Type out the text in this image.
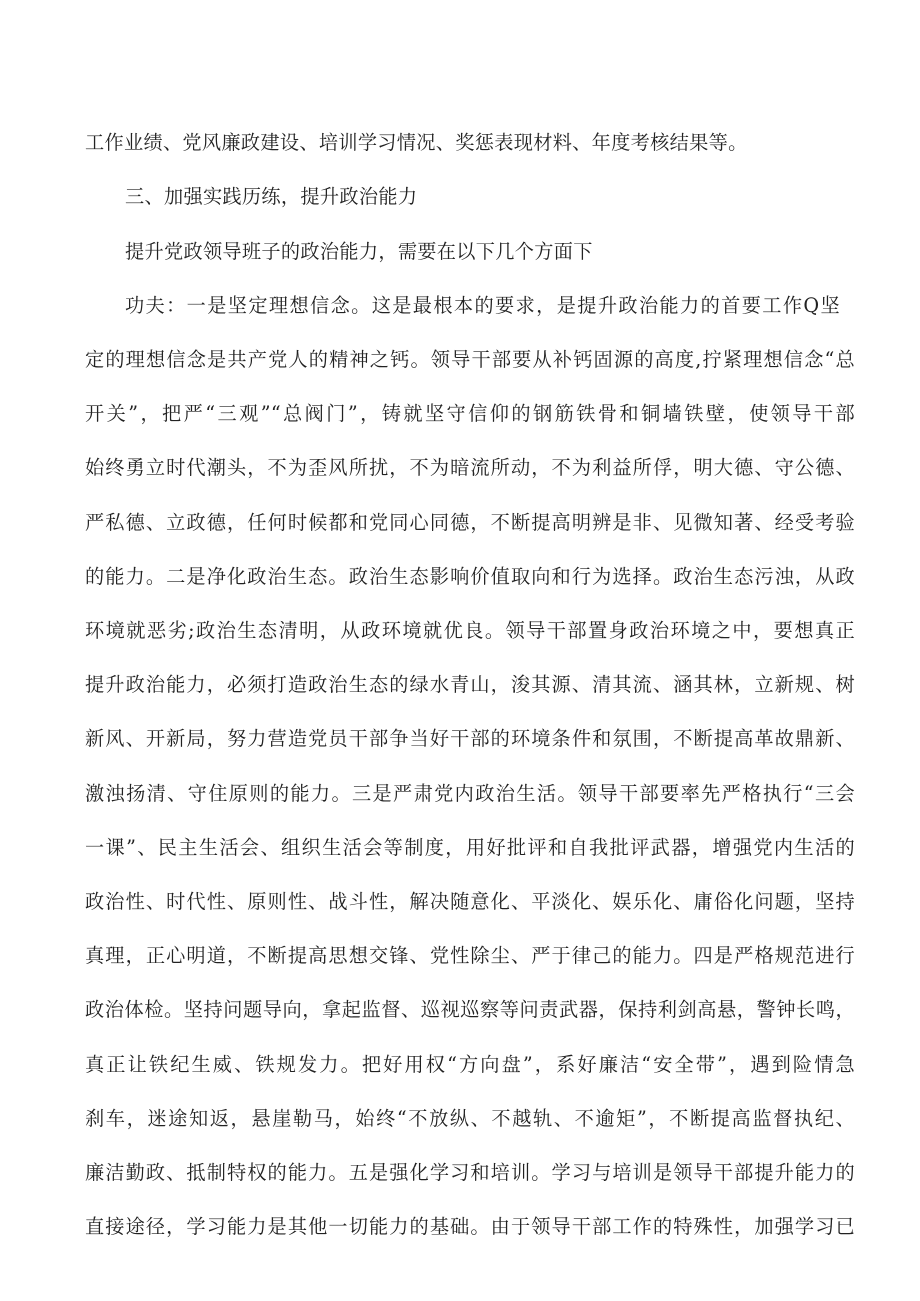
工作业绩、党风廉政建设、培训学习情况、奖惩表现材料、年度考核结果等。
三、加强实践历练，提升政治能力
提升党政领导班子的政治能力，需要在以下几个方面下
功夫：一是坚定理想信念。这是最根本的要求，是提升政治能力的首要工作Q坚
定的理想信念是共产党人的精神之钙。领导干部要从补钙固源的高度,拧紧理想信念“总
开关”，把严“三观”“总阀门”，铸就坚守信仰的钢筋铁骨和铜墙铁壁，使领导干部
始终勇立时代潮头，不为歪风所扰，不为暗流所动，不为利益所俘，明大德、守公德、
严私德、立政德，任何时候都和党同心同德，不断提高明辨是非、见微知著、经受考验
的能力。二是净化政治生态。政治生态影响价值取向和行为选择。政治生态污浊，从政
环境就恶劣;政治生态清明，从政环境就优良。领导干部置身政治环境之中，要想真正
提升政治能力，必须打造政治生态的绿水青山，浚其源、清其流、涵其林，立新规、树
新风、开新局，努力营造党员干部争当好干部的环境条件和氛围，不断提高革故鼎新、
激浊扬清、守住原则的能力。三是严肃党内政治生活。领导干部要率先严格执行“三会
一课”、民主生活会、组织生活会等制度，用好批评和自我批评武器，增强党内生活的
政治性、时代性、原则性、战斗性，解决随意化、平淡化、娱乐化、庸俗化问题，坚持
真理，正心明道，不断提高思想交锋、党性除尘、严于律己的能力。四是严格规范进行
政治体检。坚持问题导向，拿起监督、巡视巡察等问责武器，保持利剑高悬，警钟长鸣，
真正让铁纪生威、铁规发力。把好用权“方向盘”，系好廉洁“安全带”，遇到险情急
刹车，迷途知返，悬崖勒马，始终“不放纵、不越轨、不逾矩”，不断提高监督执纪、
廉洁勤政、抵制特权的能力。五是强化学习和培训。学习与培训是领导干部提升能力的
直接途径，学习能力是其他一切能力的基础。由于领导干部工作的特殊性，加强学习已
